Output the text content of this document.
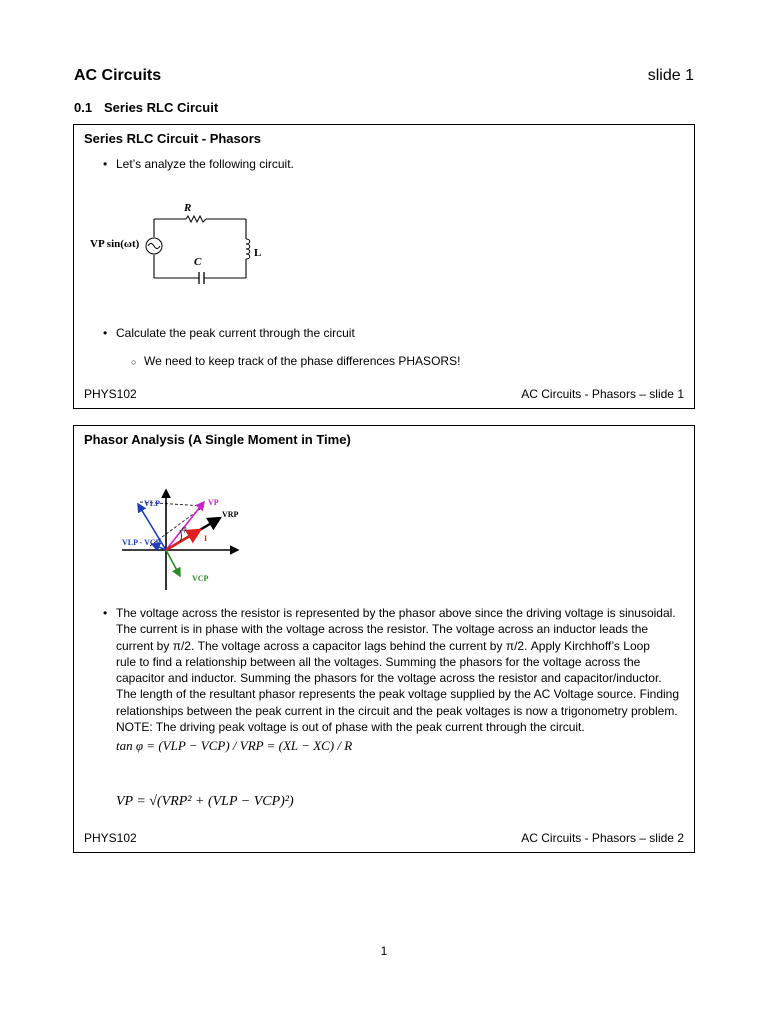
AC Circuits	slide 1
0.1 Series RLC Circuit
Series RLC Circuit - Phasors
• Let’s analyze the following circuit.
R
C
L
VP sin(ωt)
• Calculate the peak current through the circuit
○ We need to keep track of the phase differences PHASORS!
PHYS102	AC Circuits - Phasors – slide 1
Phasor Analysis (A Single Moment in Time)
VLP	VP
VRP
VLP - VCP
VCP
φ
I
• The voltage across the resistor is represented by the phasor above since the driving voltage is sinusoidal.
The current is in phase with the voltage across the resistor. The voltage across an inductor leads the
current by π/2. The voltage across a capacitor lags behind the current by π/2. Apply Kirchhoff’s Loop
rule to find a relationship between all the voltages. Summing the phasors for the voltage across the
capacitor and inductor. Summing the phasors for the voltage across the resistor and capacitor/inductor.
The length of the resultant phasor represents the peak voltage supplied by the AC Voltage source. Finding
relationships between the peak current in the circuit and the peak voltages is now a trigonometry problem.
NOTE: The driving peak voltage is out of phase with the peak current through the circuit.
tan φ = (VLP − VCP) / VRP = (XL − XC) / R
VP = √(VRP² + (VLP − VCP)²)
PHYS102	AC Circuits - Phasors – slide 2
1
